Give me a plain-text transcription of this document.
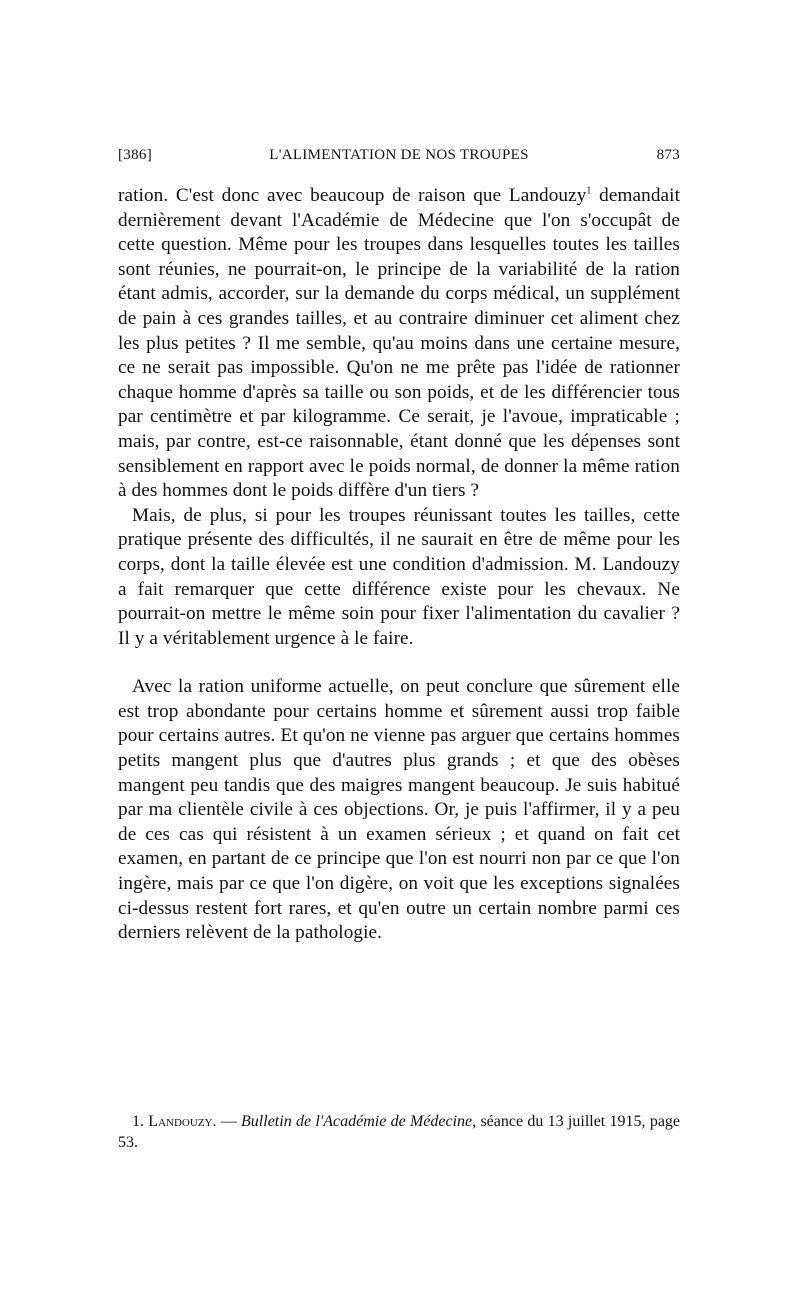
[386]	L'ALIMENTATION DE NOS TROUPES	873

ration. C'est donc avec beaucoup de raison que Landouzy$^1$ demandait dernièrement devant l'Académie de Médecine que l'on s'occupât de cette question. Même pour les troupes dans lesquelles toutes les tailles sont réunies, ne pourrait-on, le principe de la variabilité de la ration étant admis, accorder, sur la demande du corps médical, un supplément de pain à ces grandes tailles, et au contraire diminuer cet aliment chez les plus petites ? Il me semble, qu'au moins dans une certaine mesure, ce ne serait pas impossible. Qu'on ne me prête pas l'idée de rationner chaque homme d'après sa taille ou son poids, et de les différencier tous par centimètre et par kilogramme. Ce serait, je l'avoue, impraticable ; mais, par contre, est-ce raisonnable, étant donné que les dépenses sont sensiblement en rapport avec le poids normal, de donner la même ration à des hommes dont le poids diffère d'un tiers ?

Mais, de plus, si pour les troupes réunissant toutes les tailles, cette pratique présente des difficultés, il ne saurait en être de même pour les corps, dont la taille élevée est une condition d'admission. M. Landouzy a fait remarquer que cette différence existe pour les chevaux. Ne pourrait-on mettre le même soin pour fixer l'alimentation du cavalier ? Il y a véritablement urgence à le faire.

Avec la ration uniforme actuelle, on peut conclure que sûrement elle est trop abondante pour certains homme et sûrement aussi trop faible pour certains autres. Et qu'on ne vienne pas arguer que certains hommes petits mangent plus que d'autres plus grands ; et que des obèses mangent peu tandis que des maigres mangent beaucoup. Je suis habitué par ma clientèle civile à ces objections. Or, je puis l'affirmer, il y a peu de ces cas qui résistent à un examen sérieux ; et quand on fait cet examen, en partant de ce principe que l'on est nourri non par ce que l'on ingère, mais par ce que l'on digère, on voit que les exceptions signalées ci-dessus restent fort rares, et qu'en outre un certain nombre parmi ces derniers relèvent de la pathologie.

1. Landouzy. — Bulletin de l'Académie de Médecine, séance du 13 juillet 1915, page 53.
